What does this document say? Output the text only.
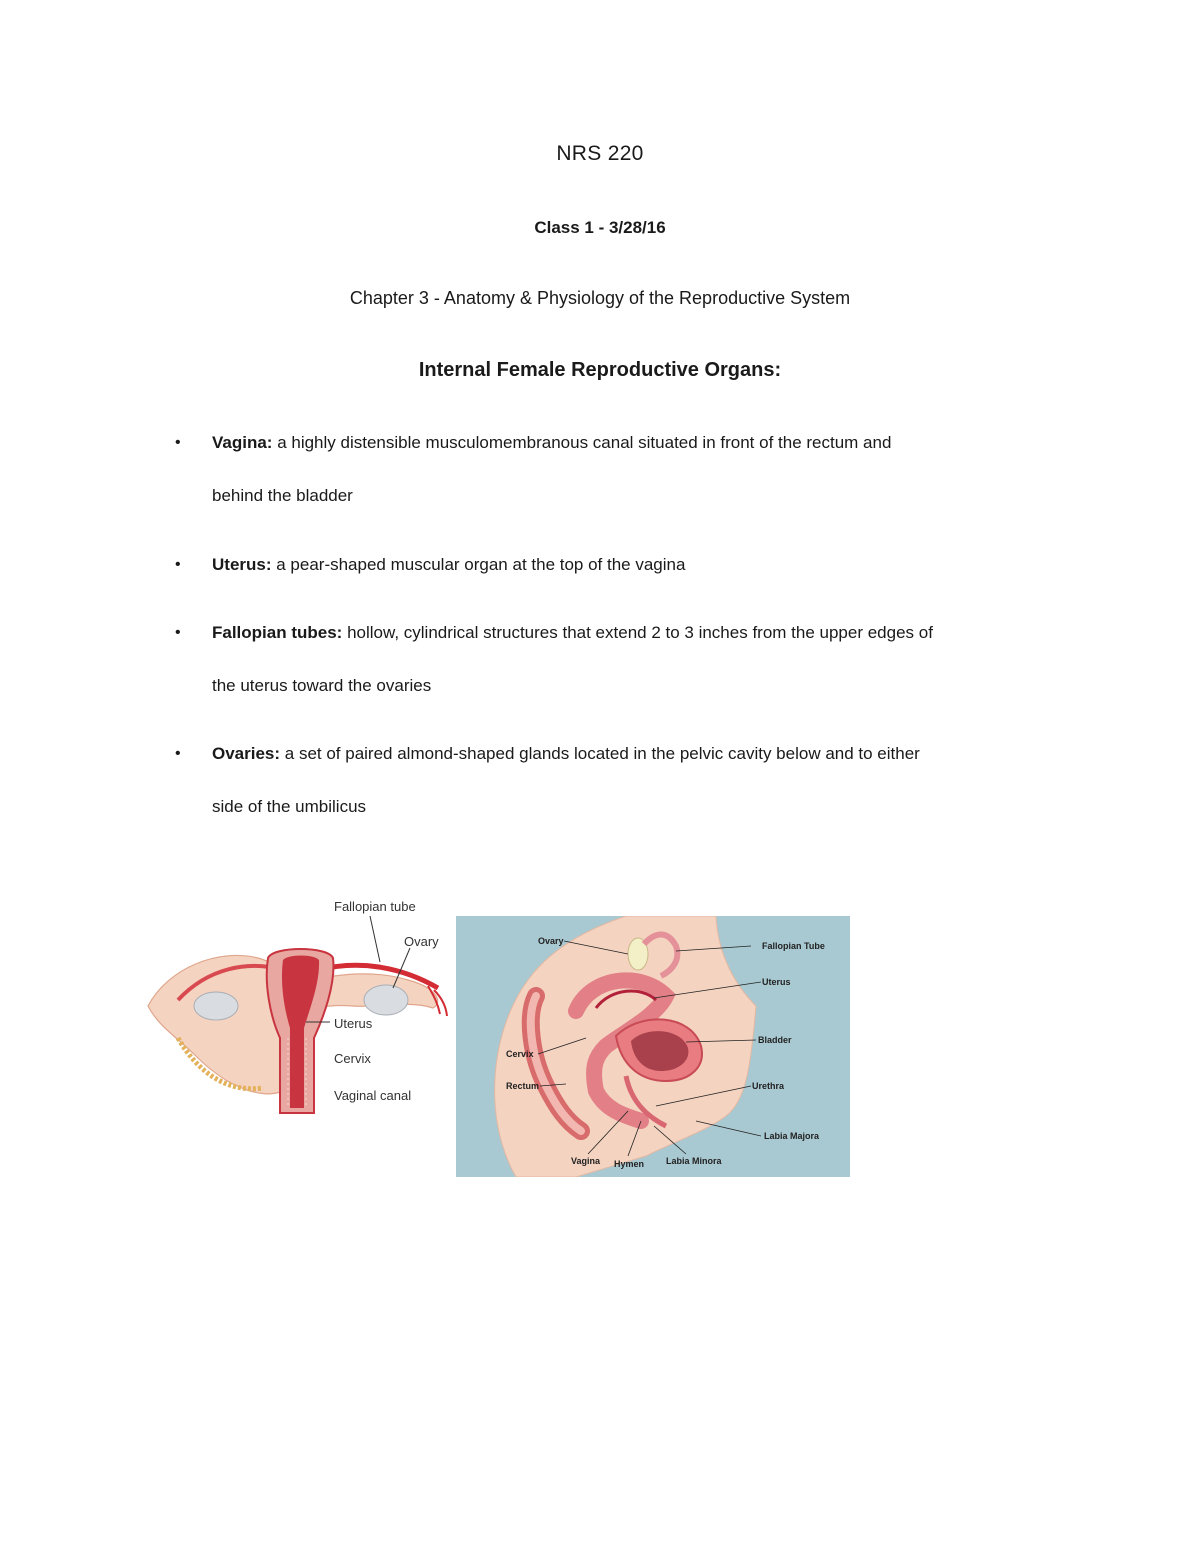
NRS 220
Class 1 - 3/28/16
Chapter 3 - Anatomy & Physiology of the Reproductive System
Internal Female Reproductive Organs:
• Vagina: a highly distensible musculomembranous canal situated in front of the rectum and
behind the bladder
• Uterus: a pear-shaped muscular organ at the top of the vagina
• Fallopian tubes: hollow, cylindrical structures that extend 2 to 3 inches from the upper edges of
the uterus toward the ovaries
• Ovaries: a set of paired almond-shaped glands located in the pelvic cavity below and to either
side of the umbilicus
Fallopian tube
Ovary
Uterus
Cervix
Vaginal canal
Ovary	Fallopian Tube
Uterus
Bladder
Cervix
Rectum	Urethra
Labia Majora
Vagina Hymen Labia Minora
